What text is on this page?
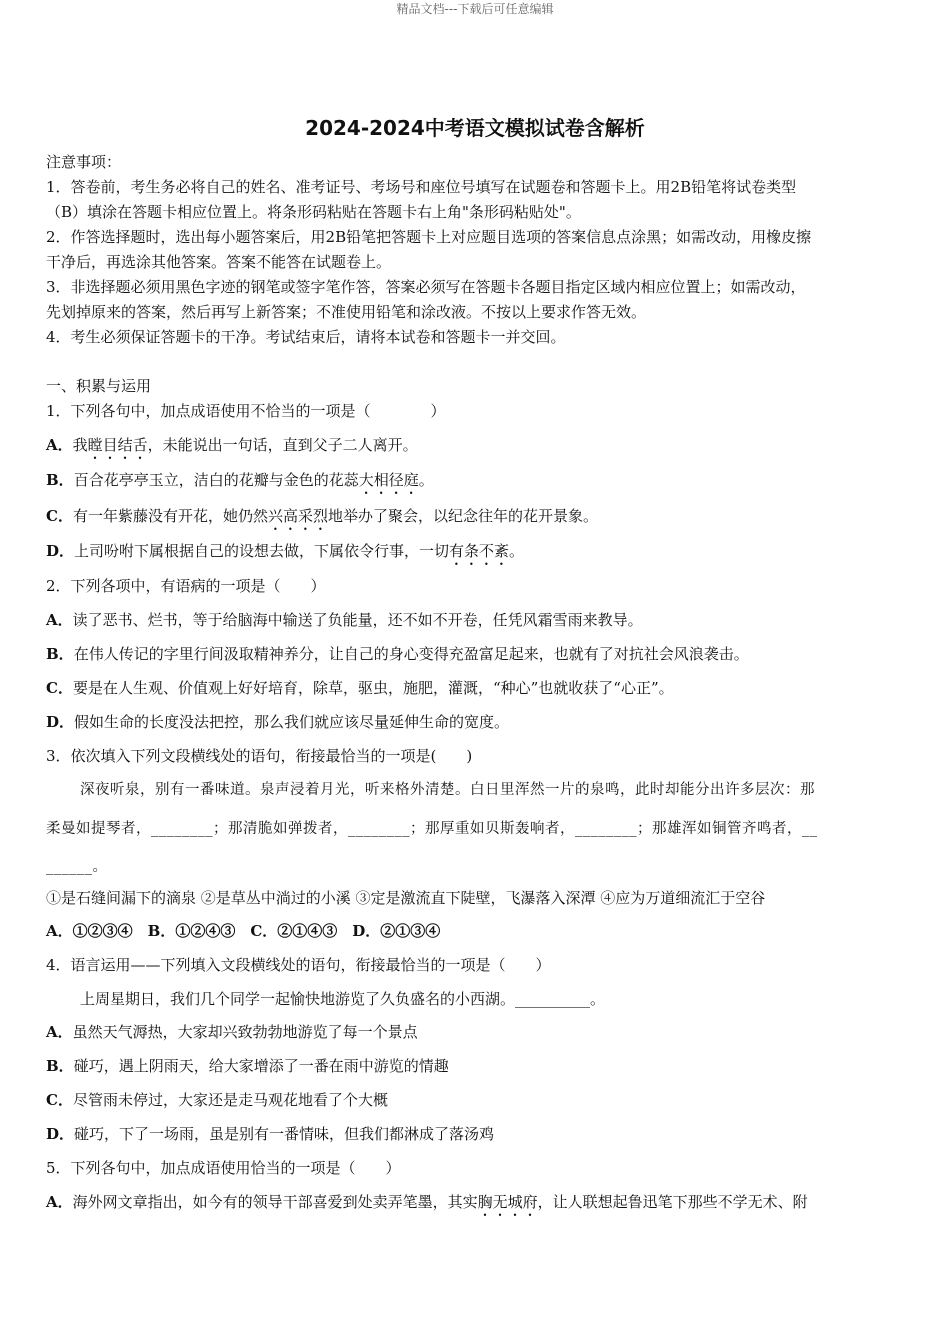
精品文档---下载后可任意编辑
2024-2024中考语文模拟试卷含解析
注意事项：
1．答卷前，考生务必将自己的姓名、准考证号、考场号和座位号填写在试题卷和答题卡上。用2B铅笔将试卷类型
（B）填涂在答题卡相应位置上。将条形码粘贴在答题卡右上角"条形码粘贴处"。
2．作答选择题时，选出每小题答案后，用2B铅笔把答题卡上对应题目选项的答案信息点涂黑；如需改动，用橡皮擦
干净后，再选涂其他答案。答案不能答在试题卷上。
3．非选择题必须用黑色字迹的钢笔或签字笔作答，答案必须写在答题卡各题目指定区域内相应位置上；如需改动，
先划掉原来的答案，然后再写上新答案；不准使用铅笔和涂改液。不按以上要求作答无效。
4．考生必须保证答题卡的干净。考试结束后，请将本试卷和答题卡一并交回。
一、积累与运用
1．下列各句中，加点成语使用不恰当的一项是（　　　　）
A．我瞠目结舌，未能说出一句话，直到父子二人离开。
B．百合花亭亭玉立，洁白的花瓣与金色的花蕊大相径庭。
C．有一年紫藤没有开花，她仍然兴高采烈地举办了聚会，以纪念往年的花开景象。
D．上司吩咐下属根据自己的设想去做，下属依令行事，一切有条不紊。
2．下列各项中，有语病的一项是（　　）
A．读了恶书、烂书，等于给脑海中输送了负能量，还不如不开卷，任凭风霜雪雨来教导。
B．在伟人传记的字里行间汲取精神养分，让自己的身心变得充盈富足起来，也就有了对抗社会风浪袭击。
C．要是在人生观、价值观上好好培育，除草，驱虫，施肥，灌溉，“种心”也就收获了“心正”。
D．假如生命的长度没法把控，那么我们就应该尽量延伸生命的宽度。
3．依次填入下列文段横线处的语句，衔接最恰当的一项是(　　)
深夜听泉，别有一番味道。泉声浸着月光，听来格外清楚。白日里浑然一片的泉鸣，此时却能分出许多层次：那
柔曼如提琴者，________；那清脆如弹拨者，________；那厚重如贝斯轰响者，________；那雄浑如铜管齐鸣者，__
______。
①是石缝间漏下的滴泉 ②是草丛中淌过的小溪 ③定是激流直下陡壁，飞瀑落入深潭 ④应为万道细流汇于空谷
A．①②③④　B．①②④③　C．②①④③　D．②①③④
4．语言运用——下列填入文段横线处的语句，衔接最恰当的一项是（　　）
上周星期日，我们几个同学一起愉快地游览了久负盛名的小西湖。__________。
A．虽然天气溽热，大家却兴致勃勃地游览了每一个景点
B．碰巧，遇上阴雨天，给大家增添了一番在雨中游览的情趣
C．尽管雨未停过，大家还是走马观花地看了个大概
D．碰巧，下了一场雨，虽是别有一番情味，但我们都淋成了落汤鸡
5．下列各句中，加点成语使用恰当的一项是（　　）
A．海外网文章指出，如今有的领导干部喜爱到处卖弄笔墨，其实胸无城府，让人联想起鲁迅笔下那些不学无术、附
